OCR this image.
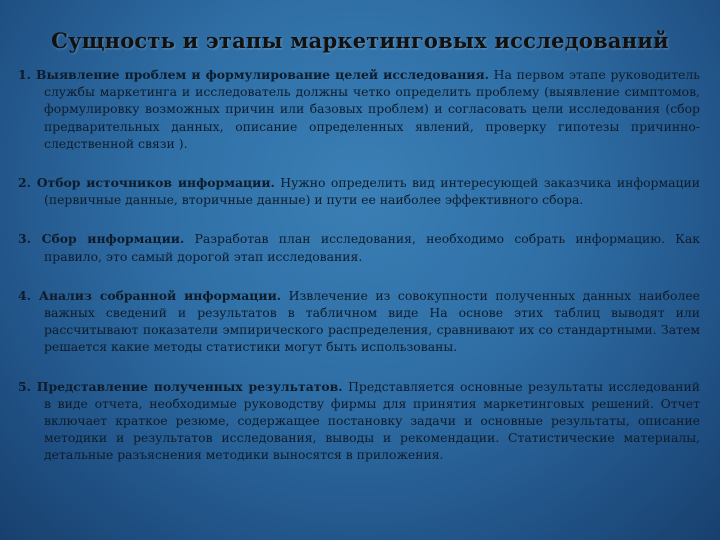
Сущность и этапы маркетинговых исследований

1. Выявление проблем и формулирование целей исследования. На первом этапе руководитель службы маркетинга и исследователь должны четко определить проблему (выявление симптомов, формулировку возможных причин или базовых проблем) и согласовать цели исследования (сбор предварительных данных, описание определенных явлений, проверку гипотезы причинно-следственной связи ).

2. Отбор источников информации. Нужно определить вид интересующей заказчика информации (первичные данные, вторичные данные) и пути ее наиболее эффективного сбора.

3. Сбор информации. Разработав план исследования, необходимо собрать информацию. Как правило, это самый дорогой этап исследования.

4. Анализ собранной информации. Извлечение из совокупности полученных данных наиболее важных сведений и результатов в табличном виде На основе этих таблиц выводят или рассчитывают показатели эмпирического распределения, сравнивают их со стандартными. Затем решается какие методы статистики могут быть использованы.

5. Представление полученных результатов. Представляется основные результаты исследований в виде отчета, необходимые руководству фирмы для принятия маркетинговых решений. Отчет включает краткое резюме, содержащее постановку задачи и основные результаты, описание методики и результатов исследования, выводы и рекомендации. Статистические материалы, детальные разъяснения методики выносятся в приложения.
